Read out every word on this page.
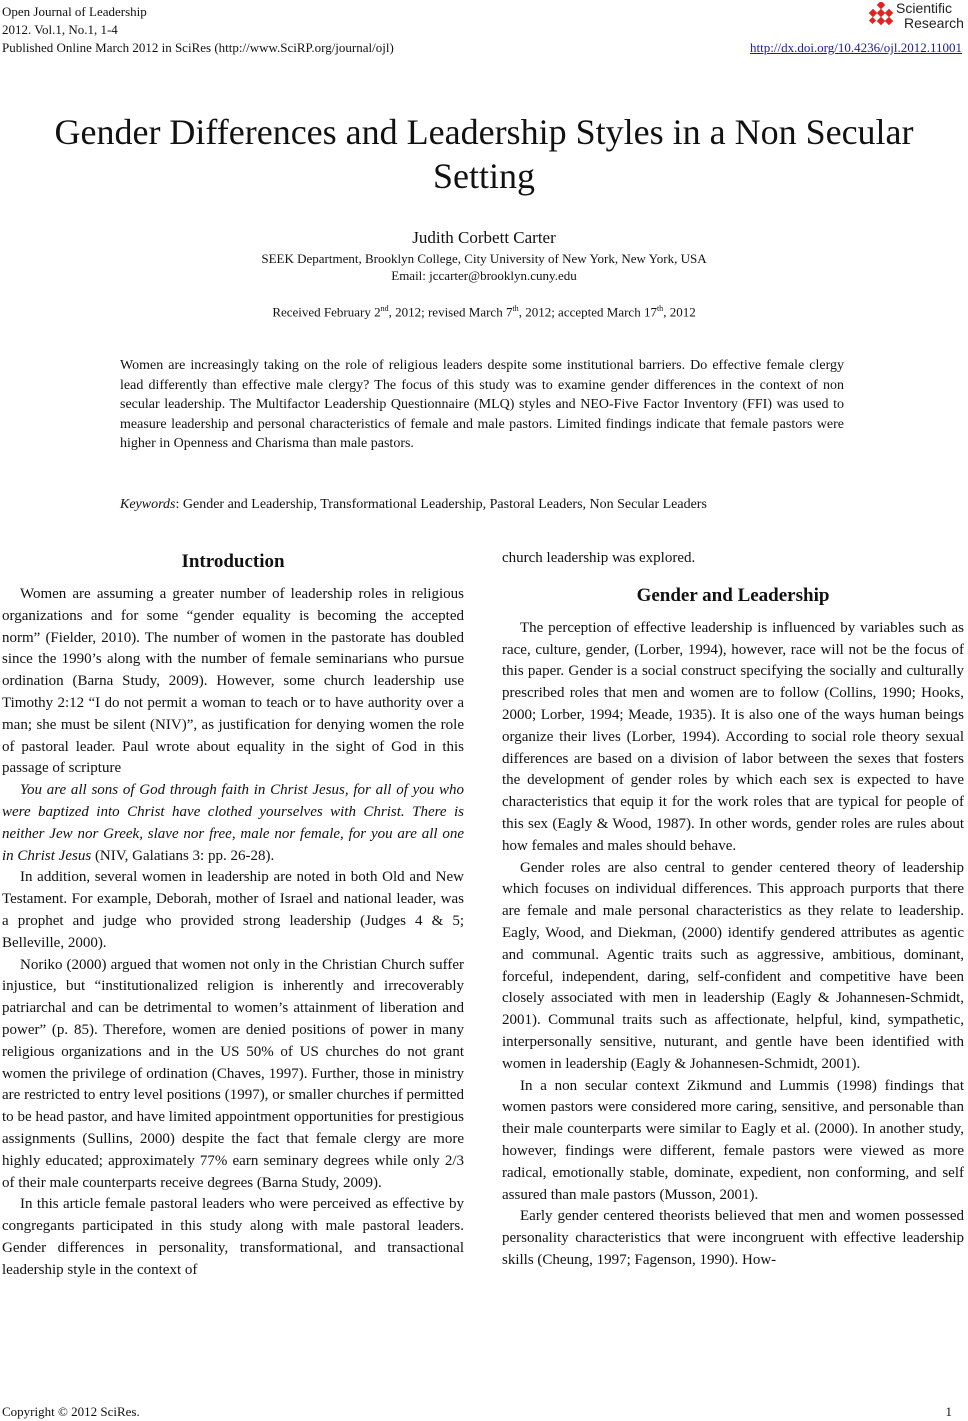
Open Journal of Leadership
2012. Vol.1, No.1, 1-4
Published Online March 2012 in SciRes (http://www.SciRP.org/journal/ojl)	http://dx.doi.org/10.4236/ojl.2012.11001
Scientific
Research
Gender Differences and Leadership Styles in a Non Secular Setting
Judith Corbett Carter
SEEK Department, Brooklyn College, City University of New York, New York, USA
Email: jccarter@brooklyn.cuny.edu
Received February 2nd, 2012; revised March 7th, 2012; accepted March 17th, 2012
Women are increasingly taking on the role of religious leaders despite some institutional barriers. Do effective female clergy lead differently than effective male clergy? The focus of this study was to examine gender differences in the context of non secular leadership. The Multifactor Leadership Questionnaire (MLQ) styles and NEO-Five Factor Inventory (FFI) was used to measure leadership and personal characteristics of female and male pastors. Limited findings indicate that female pastors were higher in Openness and Charisma than male pastors.
Keywords: Gender and Leadership, Transformational Leadership, Pastoral Leaders, Non Secular Leaders
Introduction

Women are assuming a greater number of leadership roles in religious organizations and for some “gender equality is becoming the accepted norm” (Fielder, 2010). The number of women in the pastorate has doubled since the 1990’s along with the number of female seminarians who pursue ordination (Barna Study, 2009). However, some church leadership use Timothy 2:12 “I do not permit a woman to teach or to have authority over a man; she must be silent (NIV)”, as justification for denying women the role of pastoral leader. Paul wrote about equality in the sight of God in this passage of scripture

You are all sons of God through faith in Christ Jesus, for all of you who were baptized into Christ have clothed yourselves with Christ. There is neither Jew nor Greek, slave nor free, male nor female, for you are all one in Christ Jesus (NIV, Galatians 3: pp. 26-28).

In addition, several women in leadership are noted in both Old and New Testament. For example, Deborah, mother of Israel and national leader, was a prophet and judge who provided strong leadership (Judges 4 & 5; Belleville, 2000).

Noriko (2000) argued that women not only in the Christian Church suffer injustice, but “institutionalized religion is inherently and irrecoverably patriarchal and can be detrimental to women’s attainment of liberation and power” (p. 85). Therefore, women are denied positions of power in many religious organizations and in the US 50% of US churches do not grant women the privilege of ordination (Chaves, 1997). Further, those in ministry are restricted to entry level positions (1997), or smaller churches if permitted to be head pastor, and have limited appointment opportunities for prestigious assignments (Sullins, 2000) despite the fact that female clergy are more highly educated; approximately 77% earn seminary degrees while only 2/3 of their male counterparts receive degrees (Barna Study, 2009).

In this article female pastoral leaders who were perceived as effective by congregants participated in this study along with male pastoral leaders. Gender differences in personality, transformational, and transactional leadership style in the context of

church leadership was explored.

Gender and Leadership

The perception of effective leadership is influenced by variables such as race, culture, gender, (Lorber, 1994), however, race will not be the focus of this paper. Gender is a social construct specifying the socially and culturally prescribed roles that men and women are to follow (Collins, 1990; Hooks, 2000; Lorber, 1994; Meade, 1935). It is also one of the ways human beings organize their lives (Lorber, 1994). According to social role theory sexual differences are based on a division of labor between the sexes that fosters the development of gender roles by which each sex is expected to have characteristics that equip it for the work roles that are typical for people of this sex (Eagly & Wood, 1987). In other words, gender roles are rules about how females and males should behave.

Gender roles are also central to gender centered theory of leadership which focuses on individual differences. This approach purports that there are female and male personal characteristics as they relate to leadership. Eagly, Wood, and Diekman, (2000) identify gendered attributes as agentic and communal. Agentic traits such as aggressive, ambitious, dominant, forceful, independent, daring, self-confident and competitive have been closely associated with men in leadership (Eagly & Johannesen-Schmidt, 2001). Communal traits such as affectionate, helpful, kind, sympathetic, interpersonally sensitive, nuturant, and gentle have been identified with women in leadership (Eagly & Johannesen-Schmidt, 2001).

In a non secular context Zikmund and Lummis (1998) findings that women pastors were considered more caring, sensitive, and personable than their male counterparts were similar to Eagly et al. (2000). In another study, however, findings were different, female pastors were viewed as more radical, emotionally stable, dominate, expedient, non conforming, and self assured than male pastors (Musson, 2001).

Early gender centered theorists believed that men and women possessed personality characteristics that were incongruent with effective leadership skills (Cheung, 1997; Fagenson, 1990). How-

Copyright © 2012 SciRes.	1
